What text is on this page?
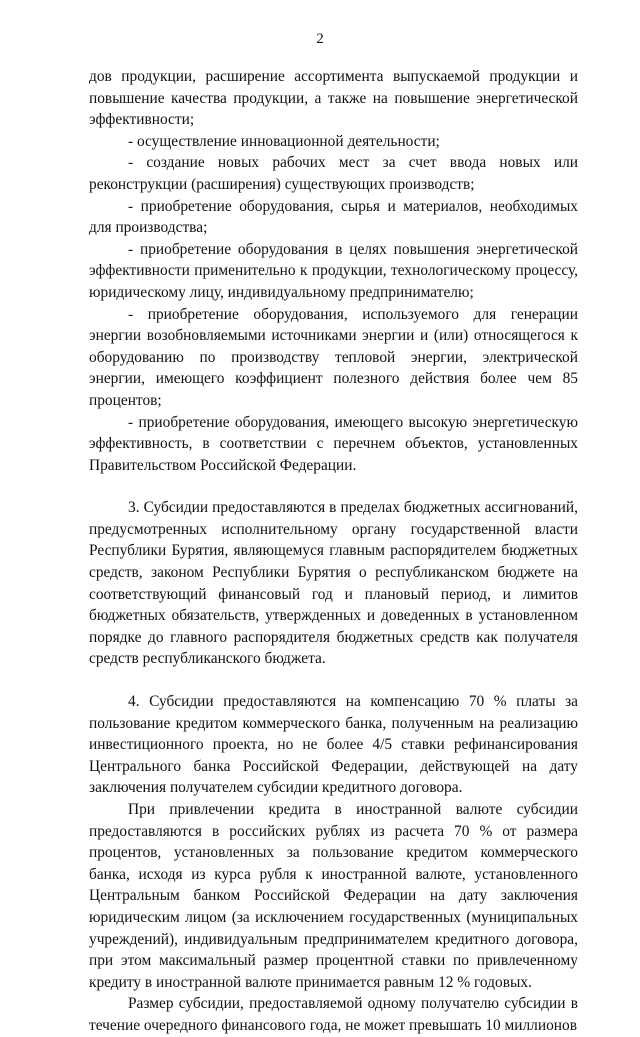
2

дов продукции, расширение ассортимента выпускаемой продукции и повышение качества продукции, а также на повышение энергетической эффективности;

- осуществление инновационной деятельности;

- создание новых рабочих мест за счет ввода новых или реконструкции (расширения) существующих производств;

- приобретение оборудования, сырья и материалов, необходимых для производства;

- приобретение оборудования в целях повышения энергетической эффективности применительно к продукции, технологическому процессу, юридическому лицу, индивидуальному предпринимателю;

- приобретение оборудования, используемого для генерации энергии возобновляемыми источниками энергии и (или) относящегося к оборудованию по производству тепловой энергии, электрической энергии, имеющего коэффициент полезного действия более чем 85 процентов;

- приобретение оборудования, имеющего высокую энергетическую эффективность, в соответствии с перечнем объектов, установленных Правительством Российской Федерации.

3. Субсидии предоставляются в пределах бюджетных ассигнований, предусмотренных исполнительному органу государственной власти Республики Бурятия, являющемуся главным распорядителем бюджетных средств, законом Республики Бурятия о республиканском бюджете на соответствующий финансовый год и плановый период, и лимитов бюджетных обязательств, утвержденных и доведенных в установленном порядке до главного распорядителя бюджетных средств как получателя средств республиканского бюджета.

4. Субсидии предоставляются на компенсацию 70 % платы за пользование кредитом коммерческого банка, полученным на реализацию инвестиционного проекта, но не более 4/5 ставки рефинансирования Центрального банка Российской Федерации, действующей на дату заключения получателем субсидии кредитного договора.

При привлечении кредита в иностранной валюте субсидии предоставляются в российских рублях из расчета 70 % от размера процентов, установленных за пользование кредитом коммерческого банка, исходя из курса рубля к иностранной валюте, установленного Центральным банком Российской Федерации на дату заключения юридическим лицом (за исключением государственных (муниципальных учреждений), индивидуальным предпринимателем кредитного договора, при этом максимальный размер процентной ставки по привлеченному кредиту в иностранной валюте принимается равным 12 % годовых.

Размер субсидии, предоставляемой одному получателю субсидии в течение очередного финансового года, не может превышать 10 миллионов
